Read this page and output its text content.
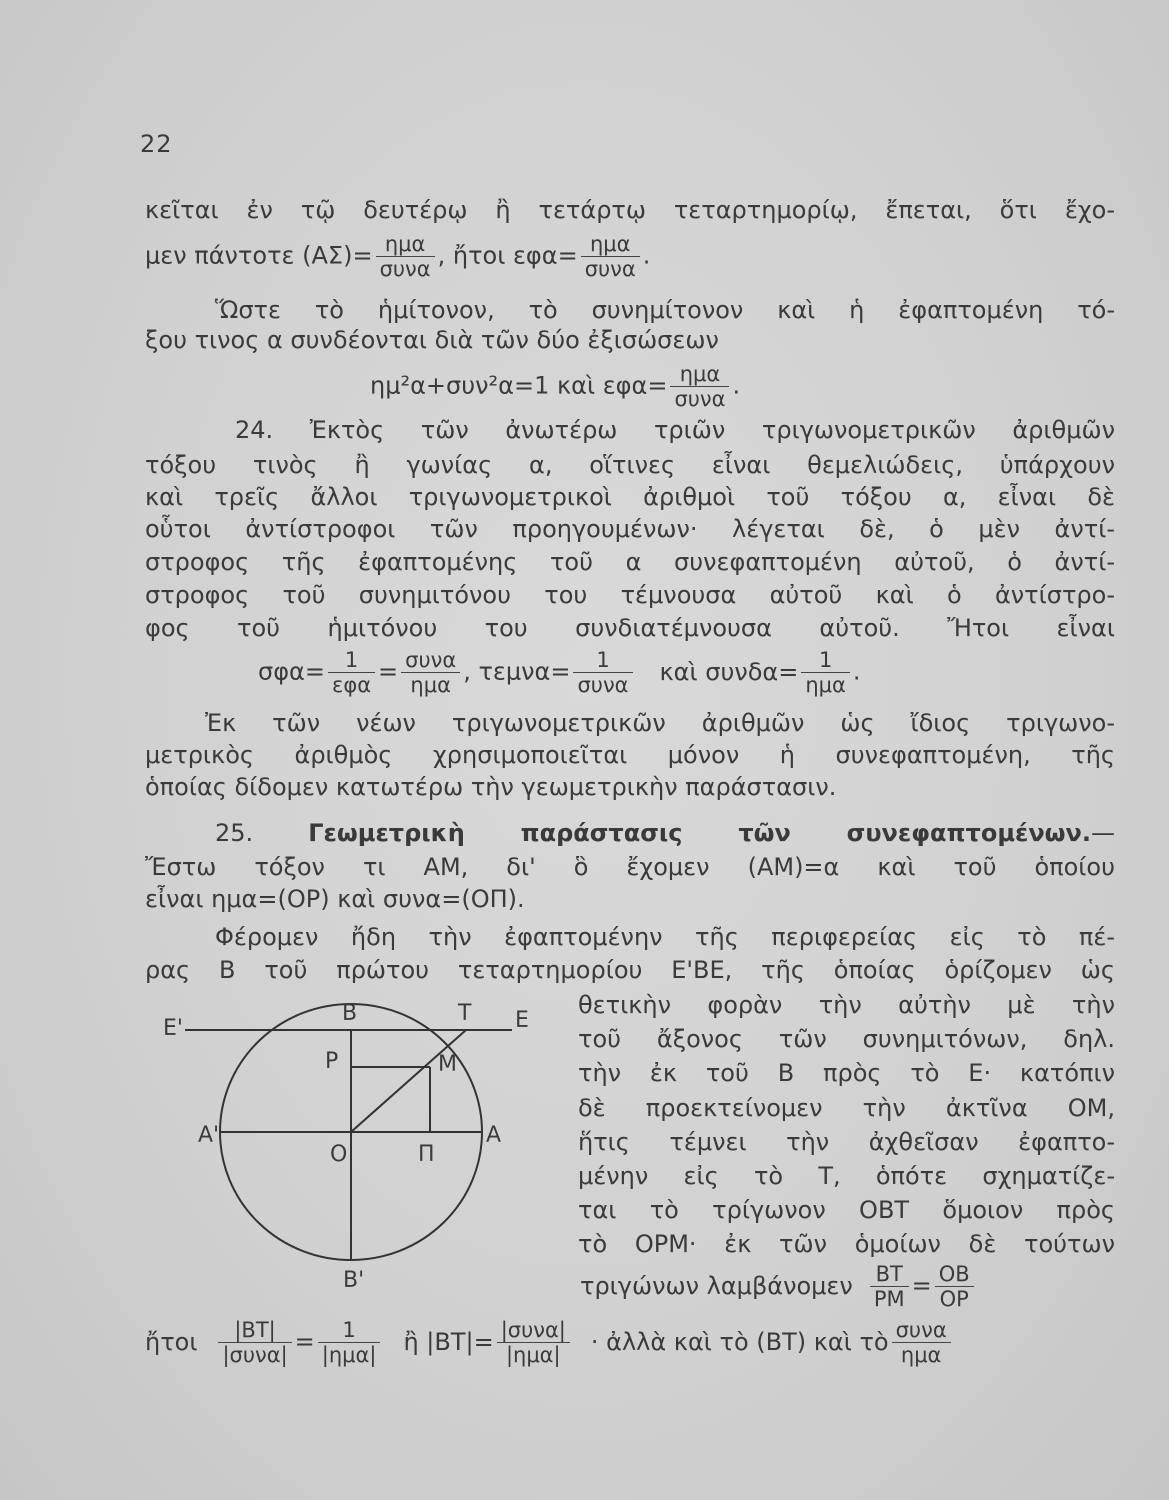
22
κεῖται ἐν τῷ δευτέρῳ ἢ τετάρτῳ τεταρτημορίῳ, ἔπεται, ὅτι ἔχο-
μεν πάντοτε $(A\Sigma)= \frac{\text{ημα}}{\text{συνα}}$ , ἤτοι $\varepsilon\varphi\alpha= \frac{\text{ημα}}{\text{συνα}}$ .
Ὥστε τὸ ἡμίτονον, τὸ συνημίτονον καὶ ἡ ἐφαπτομένη τό-
ξου τινος α συνδέονται διὰ τῶν δύο ἐξισώσεων
ημ²α+συν²α=1 καὶ $\varepsilon\varphi\alpha= \frac{\text{ημα}}{\text{συνα}}$ .
24. Ἐκτὸς τῶν ἀνωτέρω τριῶν τριγωνομετρικῶν ἀριθμῶν
τόξου τινὸς ἢ γωνίας α, οἵτινες εἶναι θεμελιώδεις, ὑπάρχουν
καὶ τρεῖς ἄλλοι τριγωνομετρικοὶ ἀριθμοὶ τοῦ τόξου α, εἶναι δὲ
οὗτοι ἀντίστροφοι τῶν προηγουμένων· λέγεται δὲ, ὁ μὲν ἀντί-
στροφος τῆς ἐφαπτομένης τοῦ α συνεφαπτομένη αὐτοῦ, ὁ ἀντί-
στροφος τοῦ συνημιτόνου του τέμνουσα αὐτοῦ καὶ ὁ ἀντίστρο-
φος τοῦ ἡμιτόνου του συνδιατέμνουσα αὐτοῦ. Ἤτοι εἶναι
$\sigma\varphi\alpha= \frac{1}{\text{εφα}} = \frac{\text{συνα}}{\text{ημα}}$ , $\tau\varepsilon\mu\nu\alpha= \frac{1}{\text{συνα}}$ καὶ $\sigma\upsilon\nu\delta\alpha= \frac{1}{\text{ημα}}$ .
Ἐκ τῶν νέων τριγωνομετρικῶν ἀριθμῶν ὡς ἴδιος τριγωνο-
μετρικὸς ἀριθμὸς χρησιμοποιεῖται μόνον ἡ συνεφαπτομένη, τῆς
ὁποίας δίδομεν κατωτέρω τὴν γεωμετρικὴν παράστασιν.
25. Γεωμετρικὴ παράστασις τῶν συνεφαπτομένων.—
Ἔστω τόξον τι ΑΜ, δι' ὃ ἔχομεν (ΑΜ)=α καὶ τοῦ ὁποίου
εἶναι ημα=(ΟΡ) καὶ συνα=(ΟΠ).
Φέρομεν ἤδη τὴν ἐφαπτομένην τῆς περιφερείας εἰς τὸ πέ-
ρας Β τοῦ πρώτου τεταρτημορίου Ε'ΒΕ, τῆς ὁποίας ὁρίζομεν ὡς
θετικὴν φορὰν τὴν αὐτὴν μὲ τὴν
τοῦ ἄξονος τῶν συνημιτόνων, δηλ.
τὴν ἐκ τοῦ Β πρὸς τὸ Ε· κατόπιν
δὲ προεκτείνομεν τὴν ἀκτῖνα ΟΜ,
ἥτις τέμνει τὴν ἀχθεῖσαν ἐφαπτο-
μένην εἰς τὸ Τ, ὁπότε σχηματίζε-
ται τὸ τρίγωνον ΟΒΤ ὅμοιον πρὸς
τὸ ΟΡΜ· ἐκ τῶν ὁμοίων δὲ τούτων
τριγώνων λαμβάνομεν $\frac{BT}{PM} = \frac{OB}{OP}$
ἤτοι $\frac{|BT|}{\text{|συνα|}} = \frac{1}{\text{|ημα|}}$ ἢ $|BT|= \frac{\text{|συνα|}}{\text{|ημα|}}$ · ἀλλὰ καὶ τὸ (ΒΤ) καὶ τὸ $\frac{\text{συνα}}{\text{ημα}}$
Ε'
Β	Τ Ε
Ρ	Μ
Α'	Α
Ο	Π
Β'
